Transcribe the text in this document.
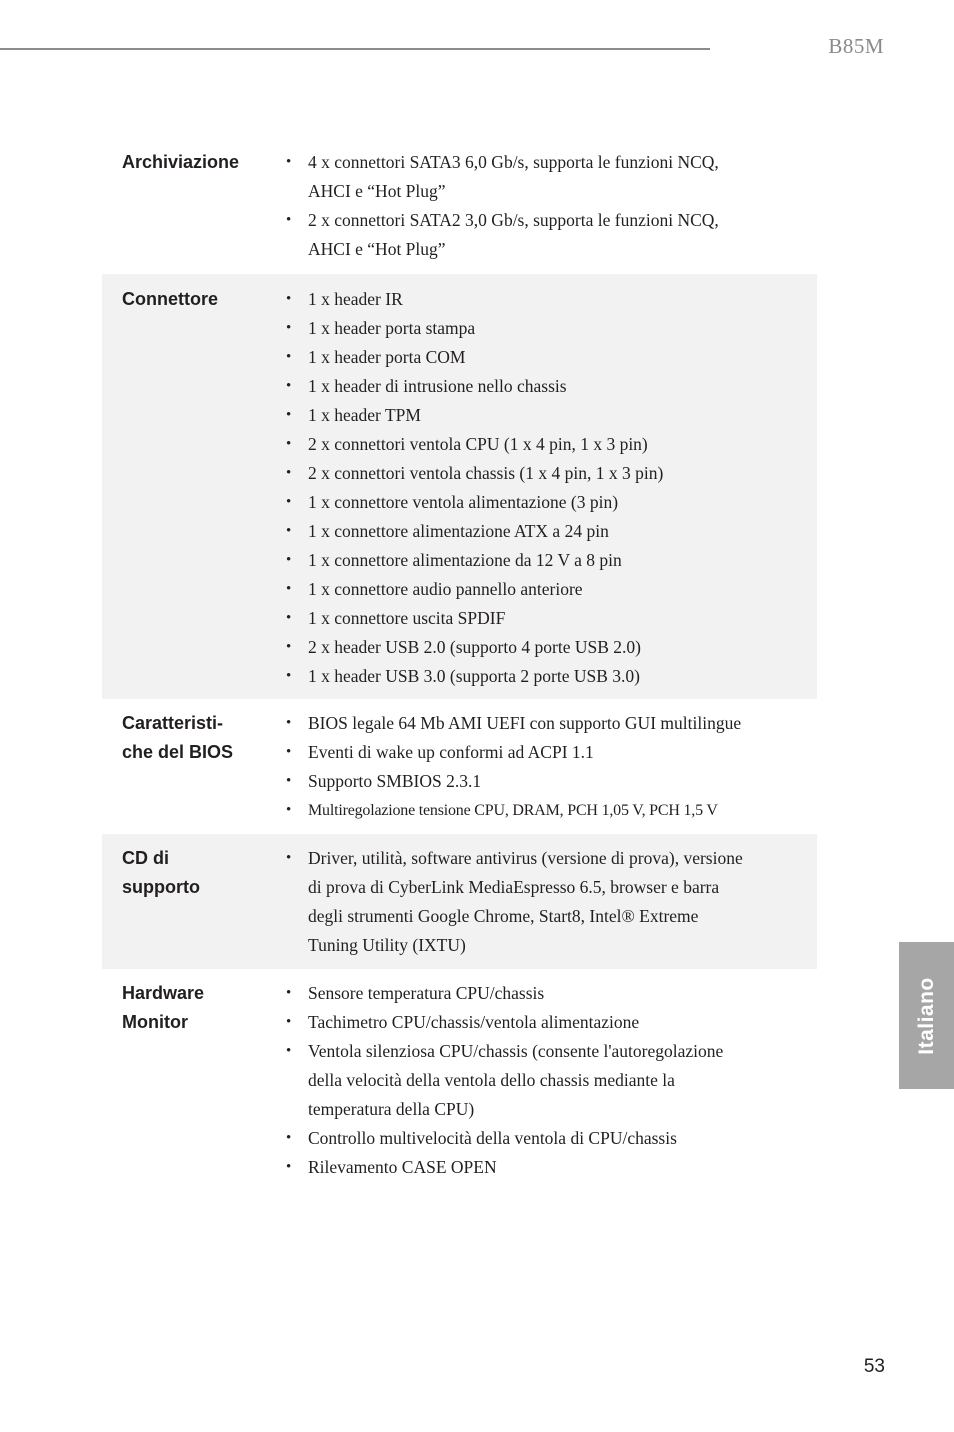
B85M
Archiviazione	• 4 x connettori SATA3 6,0 Gb/s, supporta le funzioni NCQ,
AHCI e “Hot Plug”
• 2 x connettori SATA2 3,0 Gb/s, supporta le funzioni NCQ,
AHCI e “Hot Plug”
Connettore	• 1 x header IR
• 1 x header porta stampa
• 1 x header porta COM
• 1 x header di intrusione nello chassis
• 1 x header TPM
• 2 x connettori ventola CPU (1 x 4 pin, 1 x 3 pin)
• 2 x connettori ventola chassis (1 x 4 pin, 1 x 3 pin)
• 1 x connettore ventola alimentazione (3 pin)
• 1 x connettore alimentazione ATX a 24 pin
• 1 x connettore alimentazione da 12 V a 8 pin
• 1 x connettore audio pannello anteriore
• 1 x connettore uscita SPDIF
• 2 x header USB 2.0 (supporto 4 porte USB 2.0)
• 1 x header USB 3.0 (supporta 2 porte USB 3.0)
Caratteristi-
che del BIOS
• BIOS legale 64 Mb AMI UEFI con supporto GUI multilingue
• Eventi di wake up conformi ad ACPI 1.1
• Supporto SMBIOS 2.3.1
• Multiregolazione tensione CPU, DRAM, PCH 1,05 V, PCH 1,5 V
CD di
supporto
• Driver, utilità, software antivirus (versione di prova), versione
di prova di CyberLink MediaEspresso 6.5, browser e barra
degli strumenti Google Chrome, Start8, Intel® Extreme
Tuning Utility (IXTU)
Hardware
Monitor
• Sensore temperatura CPU/chassis
• Tachimetro CPU/chassis/ventola alimentazione
• Ventola silenziosa CPU/chassis (consente l'autoregolazione
della velocità della ventola dello chassis mediante la
temperatura della CPU)
• Controllo multivelocità della ventola di CPU/chassis
• Rilevamento CASE OPEN
Italiano
53
